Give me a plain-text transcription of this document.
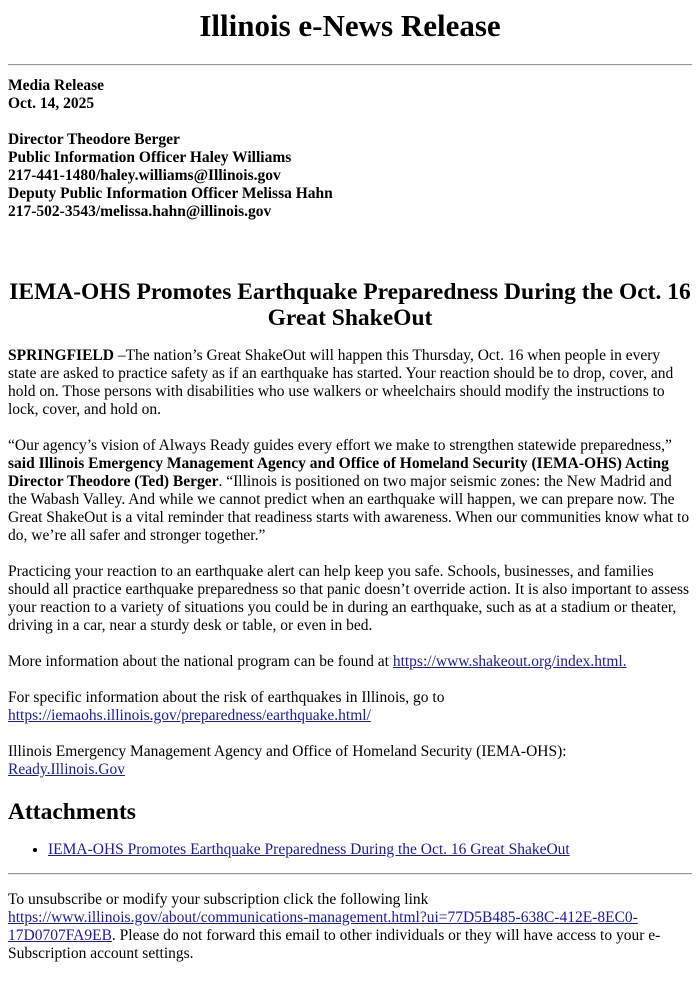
Illinois e-News Release
Media Release
Oct. 14, 2025
Director Theodore Berger
Public Information Officer Haley Williams
217-441-1480/haley.williams@Illinois.gov
Deputy Public Information Officer Melissa Hahn
217-502-3543/melissa.hahn@illinois.gov
IEMA-OHS Promotes Earthquake Preparedness During the Oct. 16 Great ShakeOut

SPRINGFIELD –The nation’s Great ShakeOut will happen this Thursday, Oct. 16 when people in every state are asked to practice safety as if an earthquake has started. Your reaction should be to drop, cover, and hold on. Those persons with disabilities who use walkers or wheelchairs should modify the instructions to lock, cover, and hold on.

“Our agency’s vision of Always Ready guides every effort we make to strengthen statewide preparedness,” said Illinois Emergency Management Agency and Office of Homeland Security (IEMA-OHS) Acting Director Theodore (Ted) Berger. “Illinois is positioned on two major seismic zones: the New Madrid and the Wabash Valley. And while we cannot predict when an earthquake will happen, we can prepare now. The Great ShakeOut is a vital reminder that readiness starts with awareness. When our communities know what to do, we’re all safer and stronger together.”

Practicing your reaction to an earthquake alert can help keep you safe. Schools, businesses, and families should all practice earthquake preparedness so that panic doesn’t override action. It is also important to assess your reaction to a variety of situations you could be in during an earthquake, such as at a stadium or theater, driving in a car, near a sturdy desk or table, or even in bed.

More information about the national program can be found at https://www.shakeout.org/index.html.

For specific information about the risk of earthquakes in Illinois, go to
https://iemaohs.illinois.gov/preparedness/earthquake.html/

Illinois Emergency Management Agency and Office of Homeland Security (IEMA-OHS):
Ready.Illinois.Gov

Attachments
• IEMA-OHS Promotes Earthquake Preparedness During the Oct. 16 Great ShakeOut
To unsubscribe or modify your subscription click the following link
https://www.illinois.gov/about/communications-management.html?ui=77D5B485-638C-412E-8EC0-17D0707FA9EB. Please do not forward this email to other individuals or they will have access to your e-Subscription account settings.
